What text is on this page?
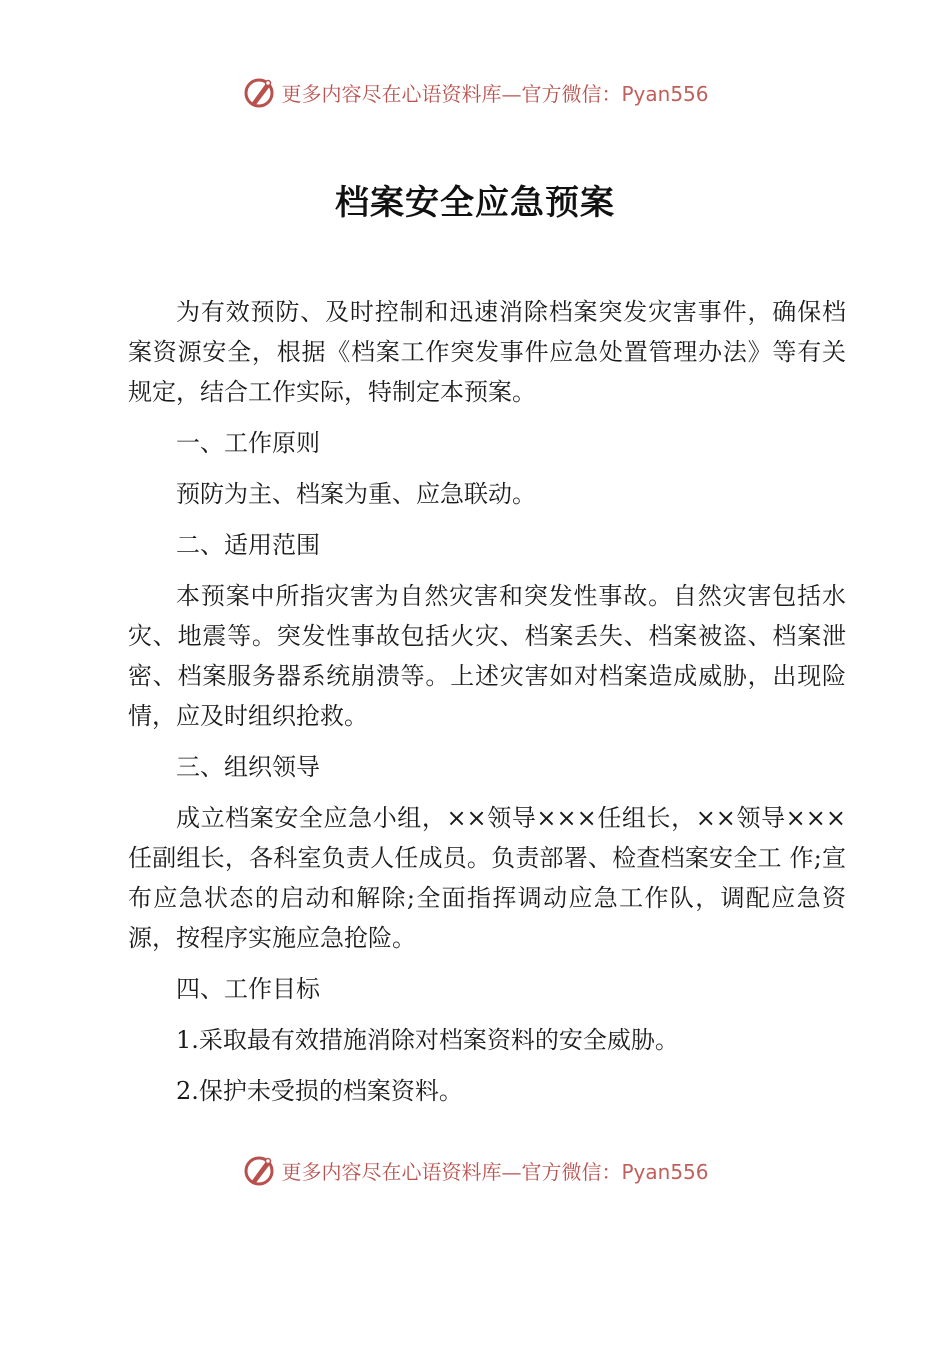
更多内容尽在心语资料库—官方微信：Pyan556
档案安全应急预案

为有效预防、及时控制和迅速消除档案突发灾害事件，确保档案资源安全，根据《档案工作突发事件应急处置管理办法》等有关规定，结合工作实际，特制定本预案。

一、工作原则

预防为主、档案为重、应急联动。

二、适用范围

本预案中所指灾害为自然灾害和突发性事故。自然灾害包括水灾、地震等。突发性事故包括火灾、档案丢失、档案被盗、档案泄密、档案服务器系统崩溃等。上述灾害如对档案造成威胁，出现险情，应及时组织抢救。

三、组织领导

成立档案安全应急小组，××领导×××任组长，××领导×××任副组长，各科室负责人任成员。负责部署、检查档案安全工 作;宣布应急状态的启动和解除;全面指挥调动应急工作队，调配应急资源，按程序实施应急抢险。

四、工作目标

1.采取最有效措施消除对档案资料的安全威胁。

2.保护未受损的档案资料。

更多内容尽在心语资料库—官方微信：Pyan556
